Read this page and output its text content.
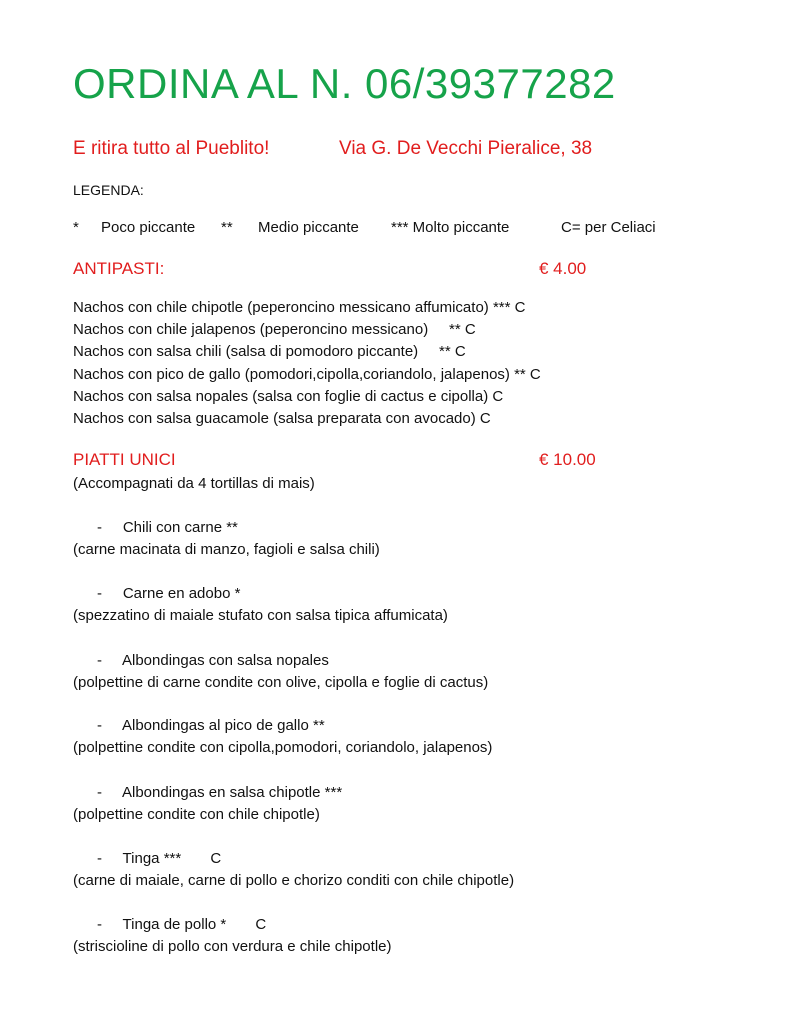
ORDINA AL N. 06/39377282
E ritira tutto al Pueblito!	Via G. De Vecchi Pieralice, 38
LEGENDA:
* Poco piccante ** Medio piccante *** Molto piccante	C= per Celiaci
ANTIPASTI:	€ 4.00
Nachos con chile chipotle (peperoncino messicano affumicato) *** C
Nachos con chile jalapenos (peperoncino messicano)     ** C
Nachos con salsa chili (salsa di pomodoro piccante)     ** C
Nachos con pico de gallo (pomodori,cipolla,coriandolo, jalapenos) ** C
Nachos con salsa nopales (salsa con foglie di cactus e cipolla) C
Nachos con salsa guacamole (salsa preparata con avocado) C
PIATTI UNICI	€ 10.00
(Accompagnati da 4 tortillas di mais)
-     Chili con carne **
(carne macinata di manzo, fagioli e salsa chili)
-     Carne en adobo *
(spezzatino di maiale stufato con salsa tipica affumicata)
-     Albondingas con salsa nopales
(polpettine di carne condite con olive, cipolla e foglie di cactus)
-     Albondingas al pico de gallo **
(polpettine condite con cipolla,pomodori, coriandolo, jalapenos)
-     Albondingas en salsa chipotle ***
(polpettine condite con chile chipotle)
-     Tinga ***       C
(carne di maiale, carne di pollo e chorizo conditi con chile chipotle)
-     Tinga de pollo *       C
(striscioline di pollo con verdura e chile chipotle)
